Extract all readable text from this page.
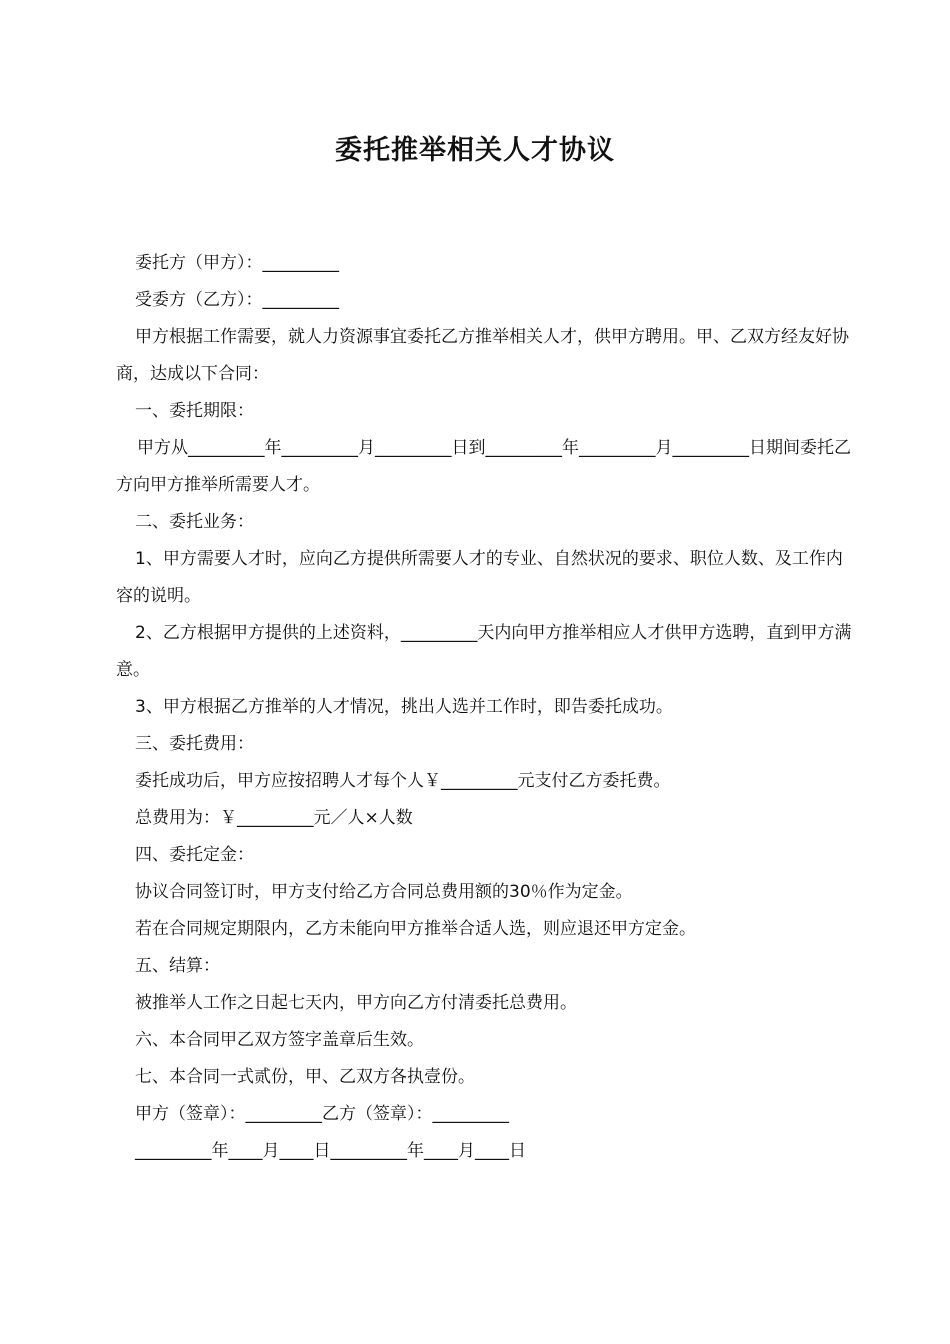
委托推举相关人才协议

委托方（甲方）：_________

受委方（乙方）：_________

甲方根据工作需要，就人力资源事宜委托乙方推举相关人才，供甲方聘用。甲、乙双方经友好协商，达成以下合同：

一、委托期限：

甲方从_________年_________月_________日到_________年_________月_________日期间委托乙方向甲方推举所需要人才。

二、委托业务：

1、甲方需要人才时，应向乙方提供所需要人才的专业、自然状况的要求、职位人数、及工作内容的说明。

2、乙方根据甲方提供的上述资料，_________天内向甲方推举相应人才供甲方选聘，直到甲方满意。

3、甲方根据乙方推举的人才情况，挑出人选并工作时，即告委托成功。

三、委托费用：

委托成功后，甲方应按招聘人才每个人￥_________元支付乙方委托费。

总费用为：￥_________元／人×人数

四、委托定金：

协议合同签订时，甲方支付给乙方合同总费用额的30％作为定金。

若在合同规定期限内，乙方未能向甲方推举合适人选，则应退还甲方定金。

五、结算：

被推举人工作之日起七天内，甲方向乙方付清委托总费用。

六、本合同甲乙双方签字盖章后生效。

七、本合同一式贰份，甲、乙双方各执壹份。

甲方（签章）：_________乙方（签章）：_________

_________年____月____日_________年____月____日
